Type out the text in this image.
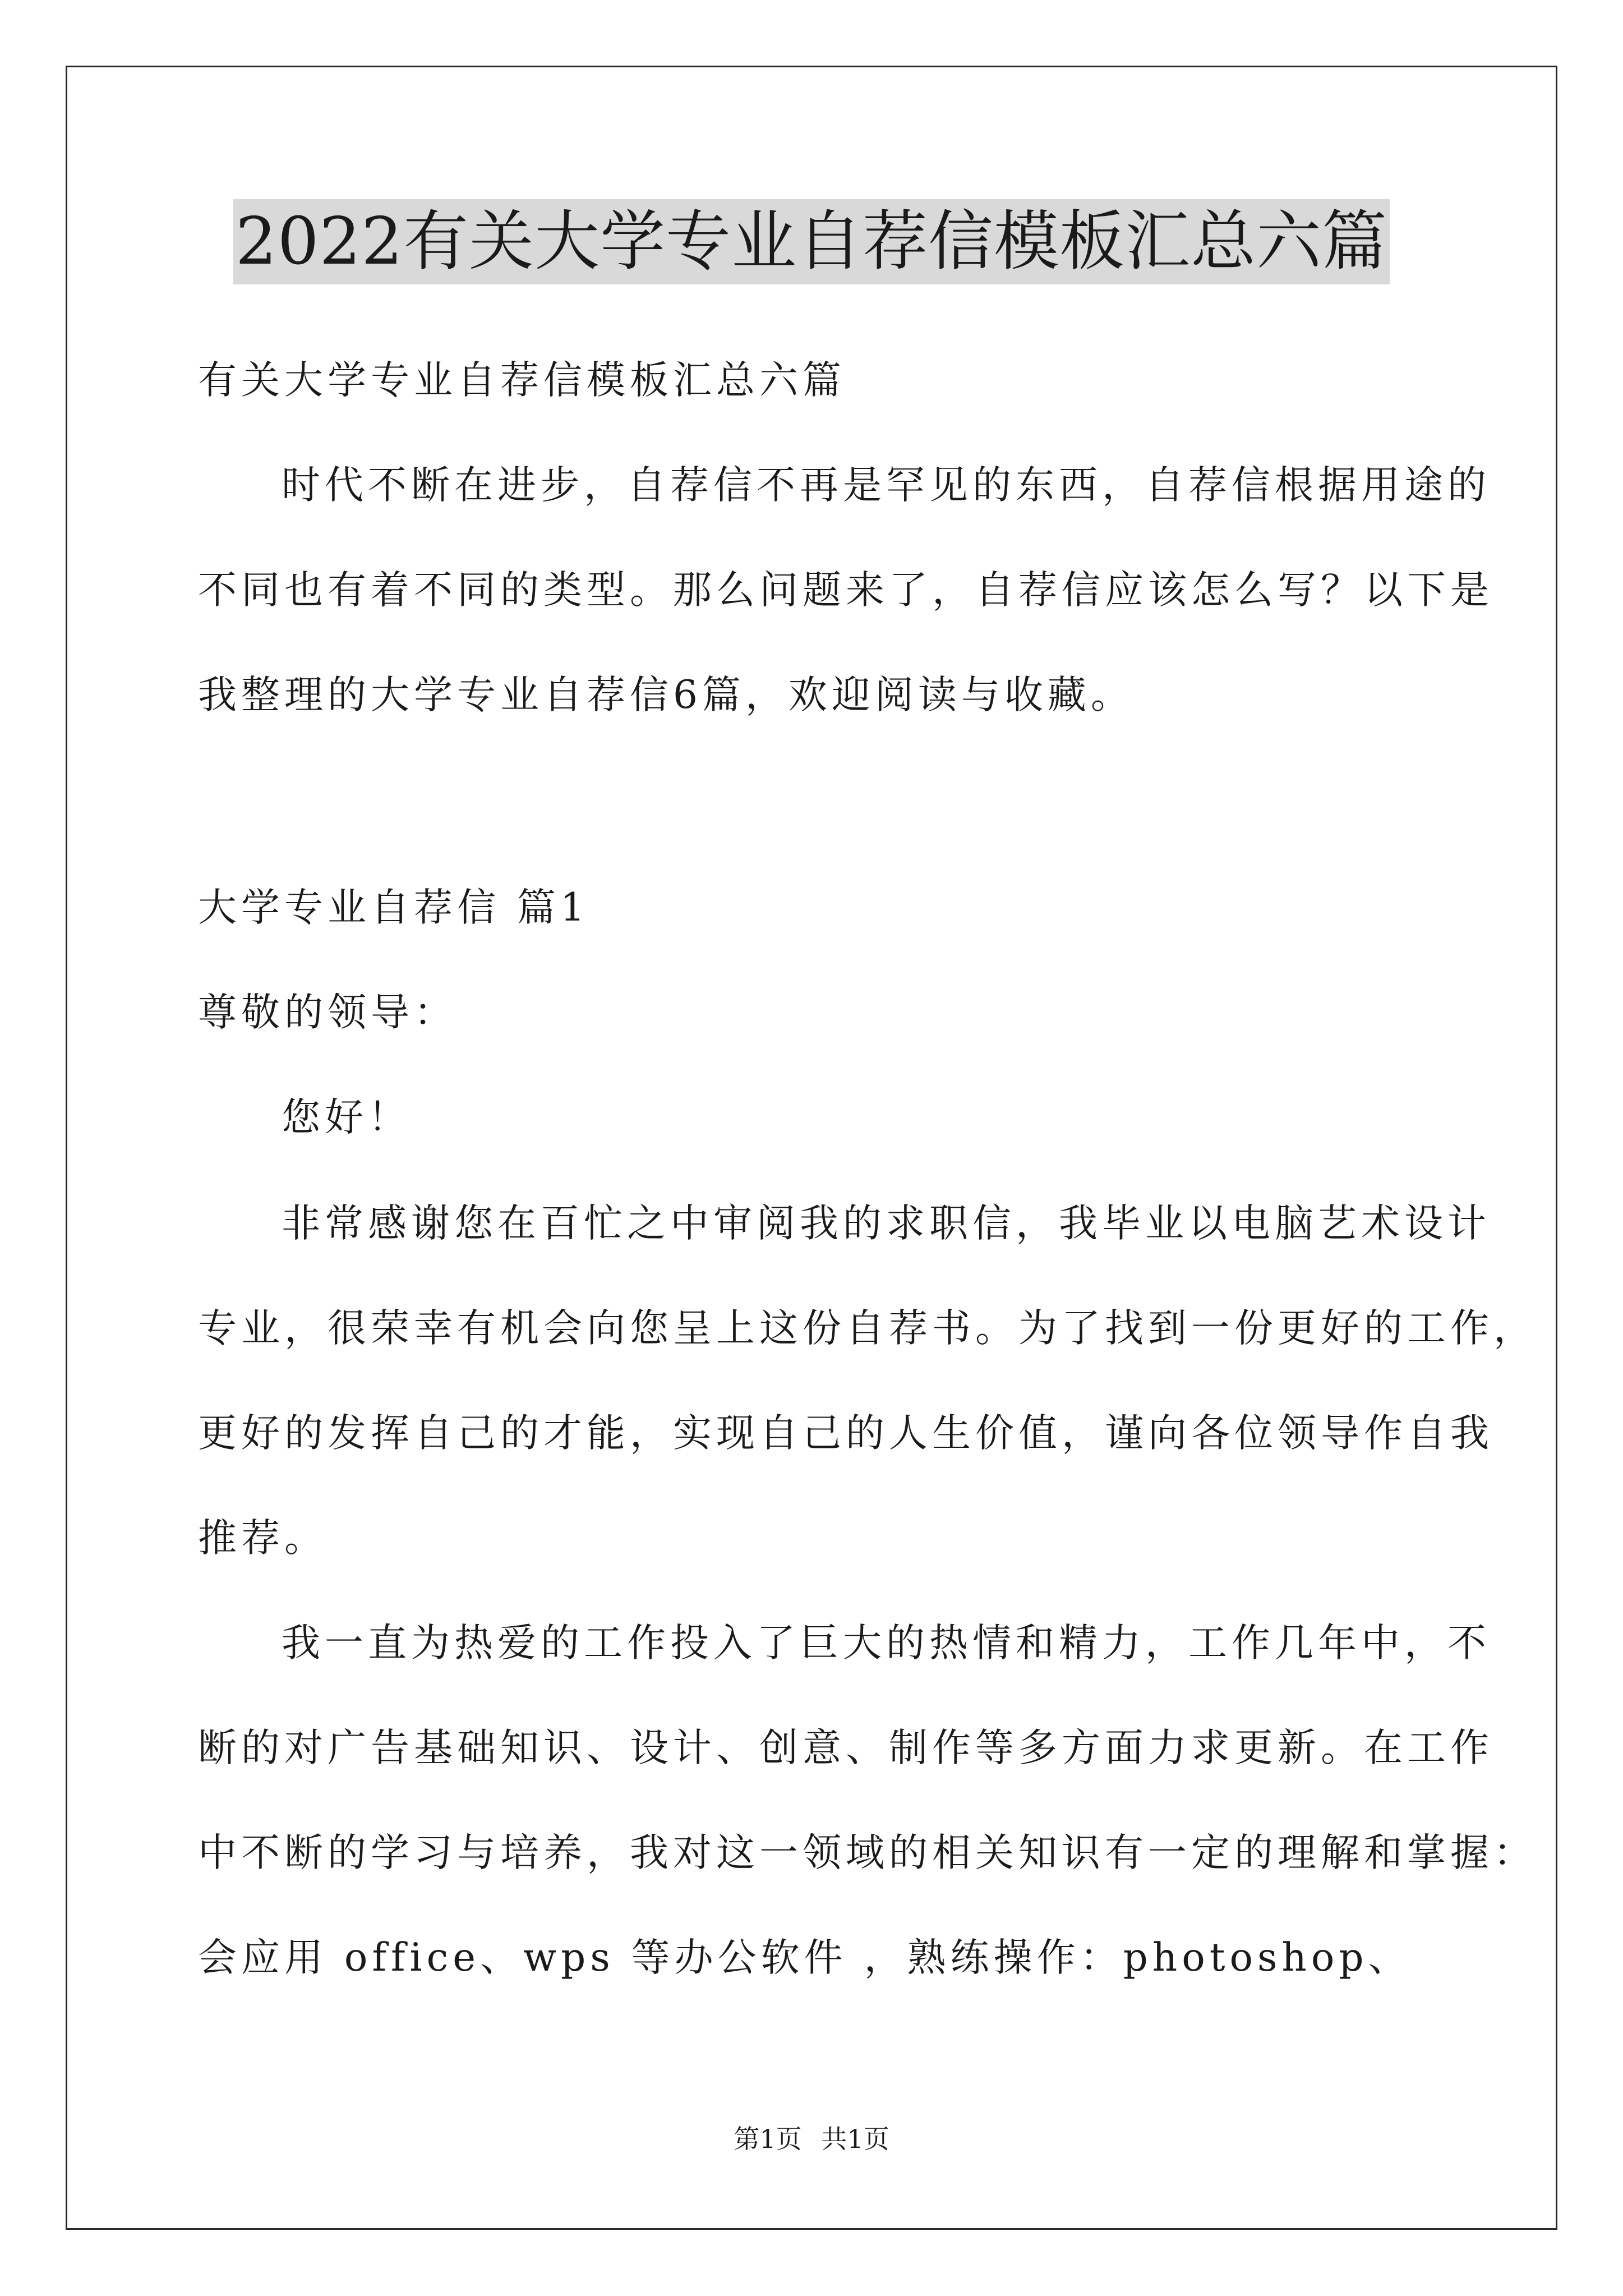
2022有关大学专业自荐信模板汇总六篇
有关大学专业自荐信模板汇总六篇
时代不断在进步，自荐信不再是罕见的东西，自荐信根据用途的
不同也有着不同的类型。那么问题来了，自荐信应该怎么写？以下是
我整理的大学专业自荐信6篇，欢迎阅读与收藏。
大学专业自荐信 篇1
尊敬的领导：
您好！
非常感谢您在百忙之中审阅我的求职信，我毕业以电脑艺术设计
专业，很荣幸有机会向您呈上这份自荐书。为了找到一份更好的工作，
更好的发挥自己的才能，实现自己的人生价值，谨向各位领导作自我
推荐。
我一直为热爱的工作投入了巨大的热情和精力，工作几年中，不
断的对广告基础知识、设计、创意、制作等多方面力求更新。在工作
中不断的学习与培养，我对这一领域的相关知识有一定的理解和掌握：
会应用 office、wps 等办公软件 ，熟练操作：photoshop、
第1页 共1页
